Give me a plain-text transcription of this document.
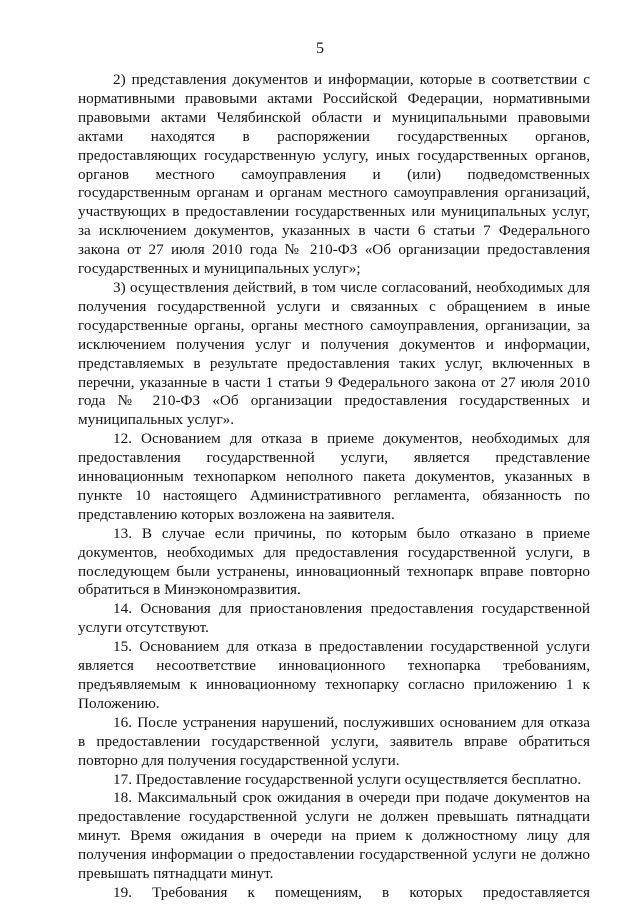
5

2) представления документов и информации, которые в соответствии с нормативными правовыми актами Российской Федерации, нормативными правовыми актами Челябинской области и муниципальными правовыми актами находятся в распоряжении государственных органов, предоставляющих государственную услугу, иных государственных органов, органов местного самоуправления и (или) подведомственных государственным органам и органам местного самоуправления организаций, участвующих в предоставлении государственных или муниципальных услуг, за исключением документов, указанных в части 6 статьи 7 Федерального закона от 27 июля 2010 года № 210-ФЗ «Об организации предоставления государственных и муниципальных услуг»;

3) осуществления действий, в том числе согласований, необходимых для получения государственной услуги и связанных с обращением в иные государственные органы, органы местного самоуправления, организации, за исключением получения услуг и получения документов и информации, представляемых в результате предоставления таких услуг, включенных в перечни, указанные в части 1 статьи 9 Федерального закона от 27 июля 2010 года № 210-ФЗ «Об организации предоставления государственных и муниципальных услуг».

12. Основанием для отказа в приеме документов, необходимых для предоставления государственной услуги, является представление инновационным технопарком неполного пакета документов, указанных в пункте 10 настоящего Административного регламента, обязанность по представлению которых возложена на заявителя.

13. В случае если причины, по которым было отказано в приеме документов, необходимых для предоставления государственной услуги, в последующем были устранены, инновационный технопарк вправе повторно обратиться в Минэкономразвития.

14. Основания для приостановления предоставления государственной услуги отсутствуют.

15. Основанием для отказа в предоставлении государственной услуги является несоответствие инновационного технопарка требованиям, предъявляемым к инновационному технопарку согласно приложению 1 к Положению.

16. После устранения нарушений, послуживших основанием для отказа в предоставлении государственной услуги, заявитель вправе обратиться повторно для получения государственной услуги.

17. Предоставление государственной услуги осуществляется бесплатно.

18. Максимальный срок ожидания в очереди при подаче документов на предоставление государственной услуги не должен превышать пятнадцати минут. Время ожидания в очереди на прием к должностному лицу для получения информации о предоставлении государственной услуги не должно превышать пятнадцати минут.

19. Требования к помещениям, в которых предоставляется
